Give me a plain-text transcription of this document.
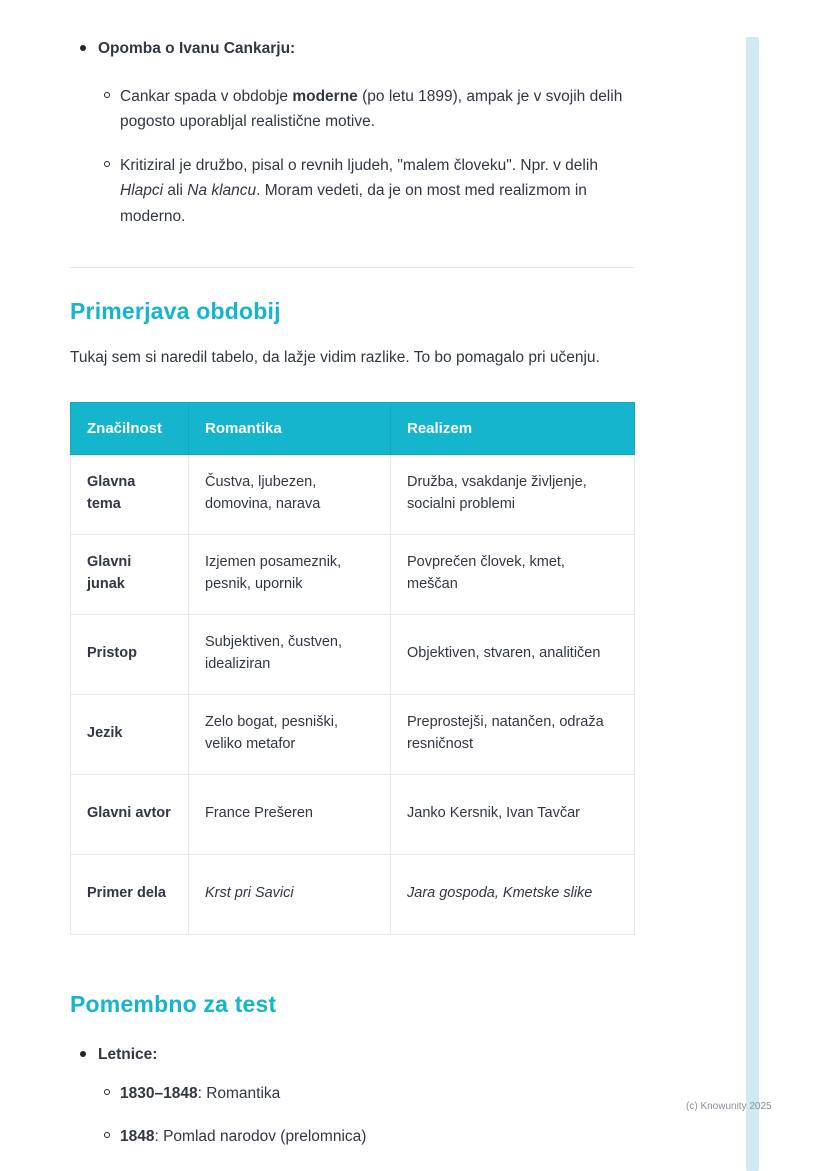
Opomba o Ivanu Cankarju:
Cankar spada v obdobje moderne (po letu 1899), ampak je v svojih delih pogosto uporabljal realistične motive.
Kritiziral je družbo, pisal o revnih ljudeh, "malem človeku". Npr. v delih Hlapci ali Na klancu. Moram vedeti, da je on most med realizmom in moderno.
Primerjava obdobij

Tukaj sem si naredil tabelo, da lažje vidim razlike. To bo pomagalo pri učenju.

Značilnost	Romantika	Realizem
Glavna tema	Čustva, ljubezen, domovina, narava	Družba, vsakdanje življenje, socialni problemi
Glavni junak	Izjemen posameznik, pesnik, upornik	Povprečen človek, kmet, meščan
Pristop	Subjektiven, čustven, idealiziran	Objektiven, stvaren, analitičen
Jezik	Zelo bogat, pesniški, veliko metafor	Preprostejši, natančen, odraža resničnost
Glavni avtor	France Prešeren	Janko Kersnik, Ivan Tavčar
Primer dela	Krst pri Savici	Jara gospoda, Kmetske slike
Pomembno za test
Letnice:
1830–1848: Romantika
1848: Pomlad narodov (prelomnica)
(c) Knowunity 2025
